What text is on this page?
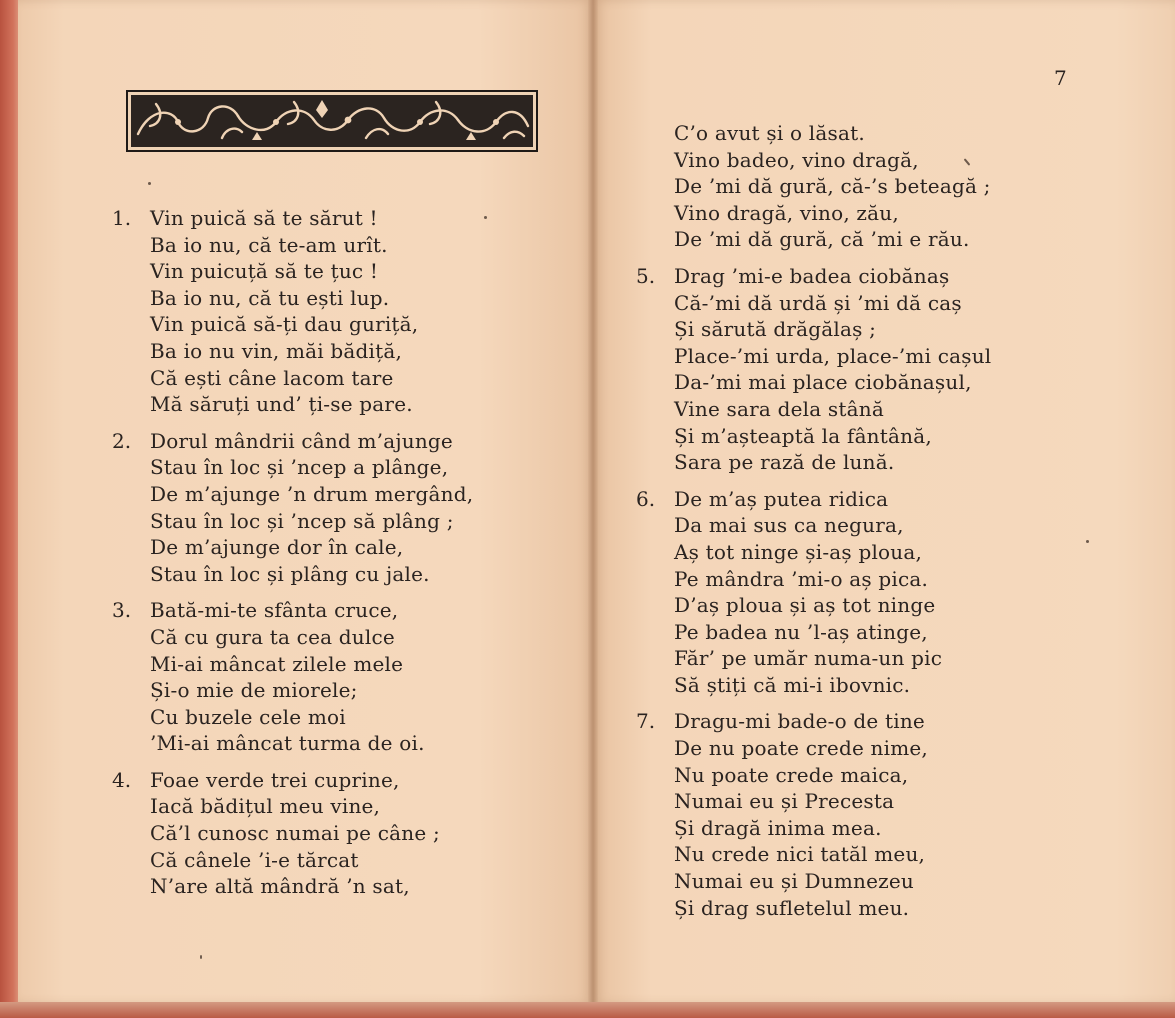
7
1. Vin puică să te sărut !
Ba io nu, că te-am urît.
Vin puicuță să te țuc !
Ba io nu, că tu ești lup.
Vin puică să-ți dau guriță,
Ba io nu vin, măi bădiță,
Că ești câne lacom tare
Mă săruți und’ ți-se pare.
2. Dorul mândrii când m’ajunge
Stau în loc și ’ncep a plânge,
De m’ajunge ’n drum mergând,
Stau în loc și ’ncep să plâng ;
De m’ajunge dor în cale,
Stau în loc și plâng cu jale.
3. Bată-mi-te sfânta cruce,
Că cu gura ta cea dulce
Mi-ai mâncat zilele mele
Și-o mie de miorele;
Cu buzele cele moi
’Mi-ai mâncat turma de oi.
4. Foae verde trei cuprine,
Iacă bădițul meu vine,
Că’l cunosc numai pe câne ;
Că cânele ’i-e tărcat
N’are altă mândră ’n sat,
C’o avut și o lăsat.
Vino badeo, vino dragă,
De ’mi dă gură, că-’s beteagă ;
Vino dragă, vino, zău,
De ’mi dă gură, că ’mi e rău.
5. Drag ’mi-e badea ciobănaș
Că-’mi dă urdă și ’mi dă caș
Și sărută drăgălaș ;
Place-’mi urda, place-’mi cașul
Da-’mi mai place ciobănașul,
Vine sara dela stână
Și m’așteaptă la fântână,
Sara pe rază de lună.
6. De m’aș putea ridica
Da mai sus ca negura,
Aș tot ninge și-aș ploua,
Pe mândra ’mi-o aș pica.
D’aș ploua și aș tot ninge
Pe badea nu ’l-aș atinge,
Făr’ pe umăr numa-un pic
Să știți că mi-i ibovnic.
7. Dragu-mi bade-o de tine
De nu poate crede nime,
Nu poate crede maica,
Numai eu și Precesta
Și dragă inima mea.
Nu crede nici tatăl meu,
Numai eu și Dumnezeu
Și drag sufletelul meu.
